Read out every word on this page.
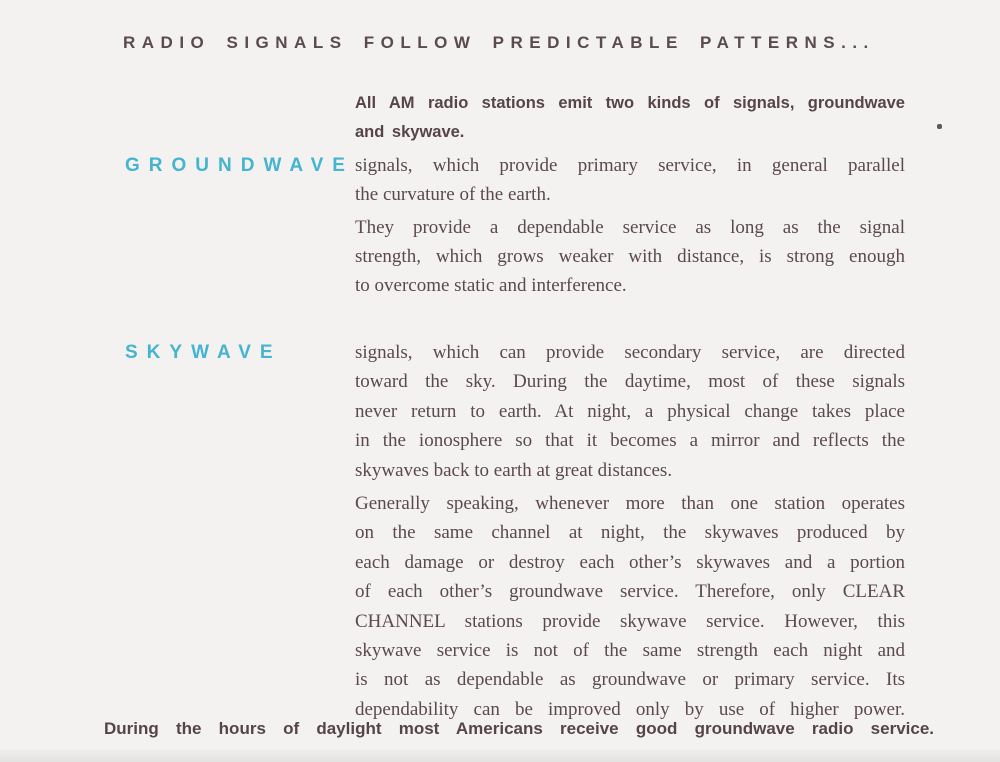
RADIO SIGNALS FOLLOW PREDICTABLE PATTERNS...
All AM radio stations emit two kinds of signals, groundwave
and skywave.
GROUNDWAVE signals, which provide primary service, in general parallel
the curvature of the earth.

They provide a dependable service as long as the signal
strength, which grows weaker with distance, is strong enough
to overcome static and interference.

SKYWAVE	signals, which can provide secondary service, are directed
toward the sky. During the daytime, most of these signals
never return to earth. At night, a physical change takes place
in the ionosphere so that it becomes a mirror and reflects the
skywaves back to earth at great distances.

Generally speaking, whenever more than one station operates
on the same channel at night, the skywaves produced by
each damage or destroy each other’s skywaves and a portion
of each other’s groundwave service. Therefore, only CLEAR
CHANNEL stations provide skywave service. However, this
skywave service is not of the same strength each night and
is not as dependable as groundwave or primary service. Its
dependability can be improved only by use of higher power.

During the hours of daylight most Americans receive good groundwave radio service.
